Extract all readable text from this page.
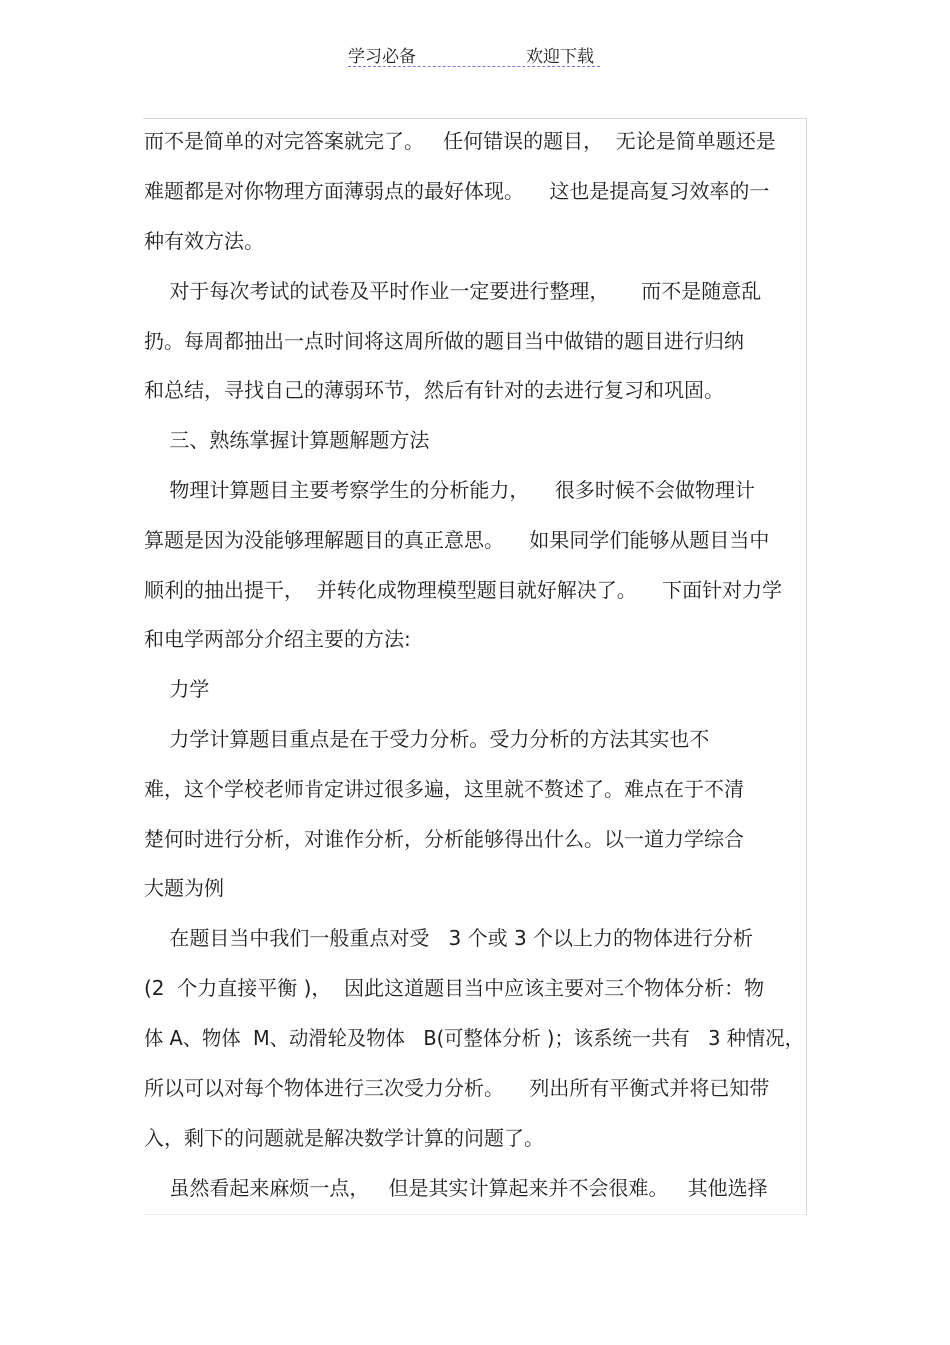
学习必备	欢迎下载
而不是简单的对完答案就完了。   任何错误的题目，  无论是简单题还是
难题都是对你物理方面薄弱点的最好体现。    这也是提高复习效率的一
种有效方法。
对于每次考试的试卷及平时作业一定要进行整理，     而不是随意乱
扔。每周都抽出一点时间将这周所做的题目当中做错的题目进行归纳
和总结，寻找自己的薄弱环节，然后有针对的去进行复习和巩固。
三、熟练掌握计算题解题方法
物理计算题目主要考察学生的分析能力，    很多时候不会做物理计
算题是因为没能够理解题目的真正意思。    如果同学们能够从题目当中
顺利的抽出提干，  并转化成物理模型题目就好解决了。    下面针对力学
和电学两部分介绍主要的方法:
力学
力学计算题目重点是在于受力分析。受力分析的方法其实也不
难，这个学校老师肯定讲过很多遍，这里就不赘述了。难点在于不清
楚何时进行分析，对谁作分析，分析能够得出什么。以一道力学综合
大题为例
在题目当中我们一般重点对受   3 个或 3 个以上力的物体进行分析
(2  个力直接平衡 )，  因此这道题目当中应该主要对三个物体分析：物
体 A、物体  M、动滑轮及物体   B(可整体分析 )；该系统一共有   3 种情况，
所以可以对每个物体进行三次受力分析。    列出所有平衡式并将已知带
入，剩下的问题就是解决数学计算的问题了。
虽然看起来麻烦一点，   但是其实计算起来并不会很难。   其他选择
